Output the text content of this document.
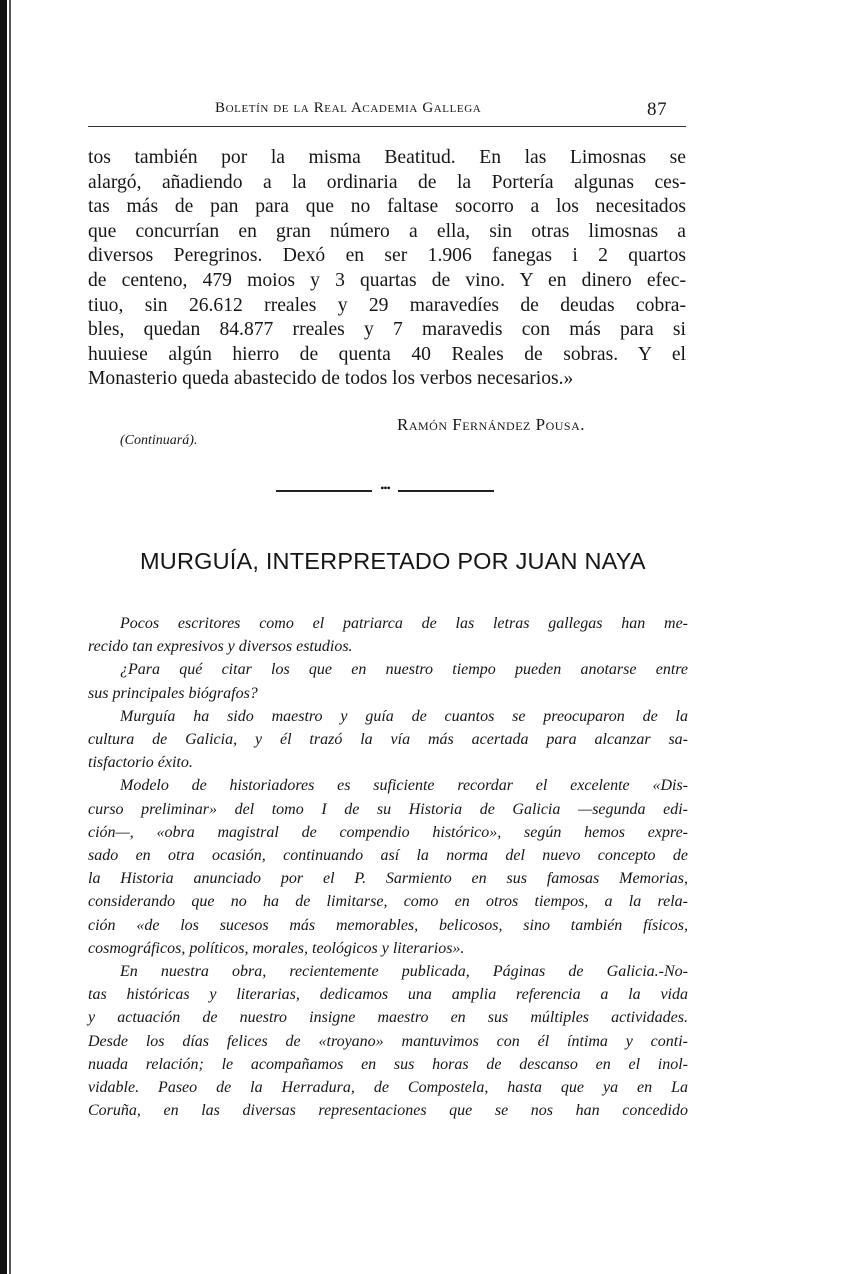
Boletín de la Real Academia Gallega	87
tos también por la misma Beatitud. En las Limosnas se
alargó, añadiendo a la ordinaria de la Portería algunas ces-
tas más de pan para que no faltase socorro a los necesitados
que concurrían en gran número a ella, sin otras limosnas a
diversos Peregrinos. Dexó en ser 1.906 fanegas i 2 quartos
de centeno, 479 moios y 3 quartas de vino. Y en dinero efec-
tiuo, sin 26.612 rreales y 29 maravedíes de deudas cobra-
bles, quedan 84.877 rreales y 7 maravedis con más para si
huuiese algún hierro de quenta 40 Reales de sobras. Y el
Monasterio queda abastecido de todos los verbos necesarios.»
Ramón Fernández Pousa.
(Continuará).
•••
MURGUÍA, INTERPRETADO POR JUAN NAYA
Pocos escritores como el patriarca de las letras gallegas han me-
recido tan expresivos y diversos estudios.
¿Para qué citar los que en nuestro tiempo pueden anotarse entre
sus principales biógrafos?
Murguía ha sido maestro y guía de cuantos se preocuparon de la
cultura de Galicia, y él trazó la vía más acertada para alcanzar sa-
tisfactorio éxito.
Modelo de historiadores es suficiente recordar el excelente «Dis-
curso preliminar» del tomo I de su Historia de Galicia —segunda edi-
ción—, «obra magistral de compendio histórico», según hemos expre-
sado en otra ocasión, continuando así la norma del nuevo concepto de
la Historia anunciado por el P. Sarmiento en sus famosas Memorias,
considerando que no ha de limitarse, como en otros tiempos, a la rela-
ción «de los sucesos más memorables, belicosos, sino también físicos,
cosmográficos, políticos, morales, teológicos y literarios».
En nuestra obra, recientemente publicada, Páginas de Galicia.-No-
tas históricas y literarias, dedicamos una amplia referencia a la vida
y actuación de nuestro insigne maestro en sus múltiples actividades.
Desde los días felices de «troyano» mantuvimos con él íntima y conti-
nuada relación; le acompañamos en sus horas de descanso en el inol-
vidable. Paseo de la Herradura, de Compostela, hasta que ya en La
Coruña, en las diversas representaciones que se nos han concedido
